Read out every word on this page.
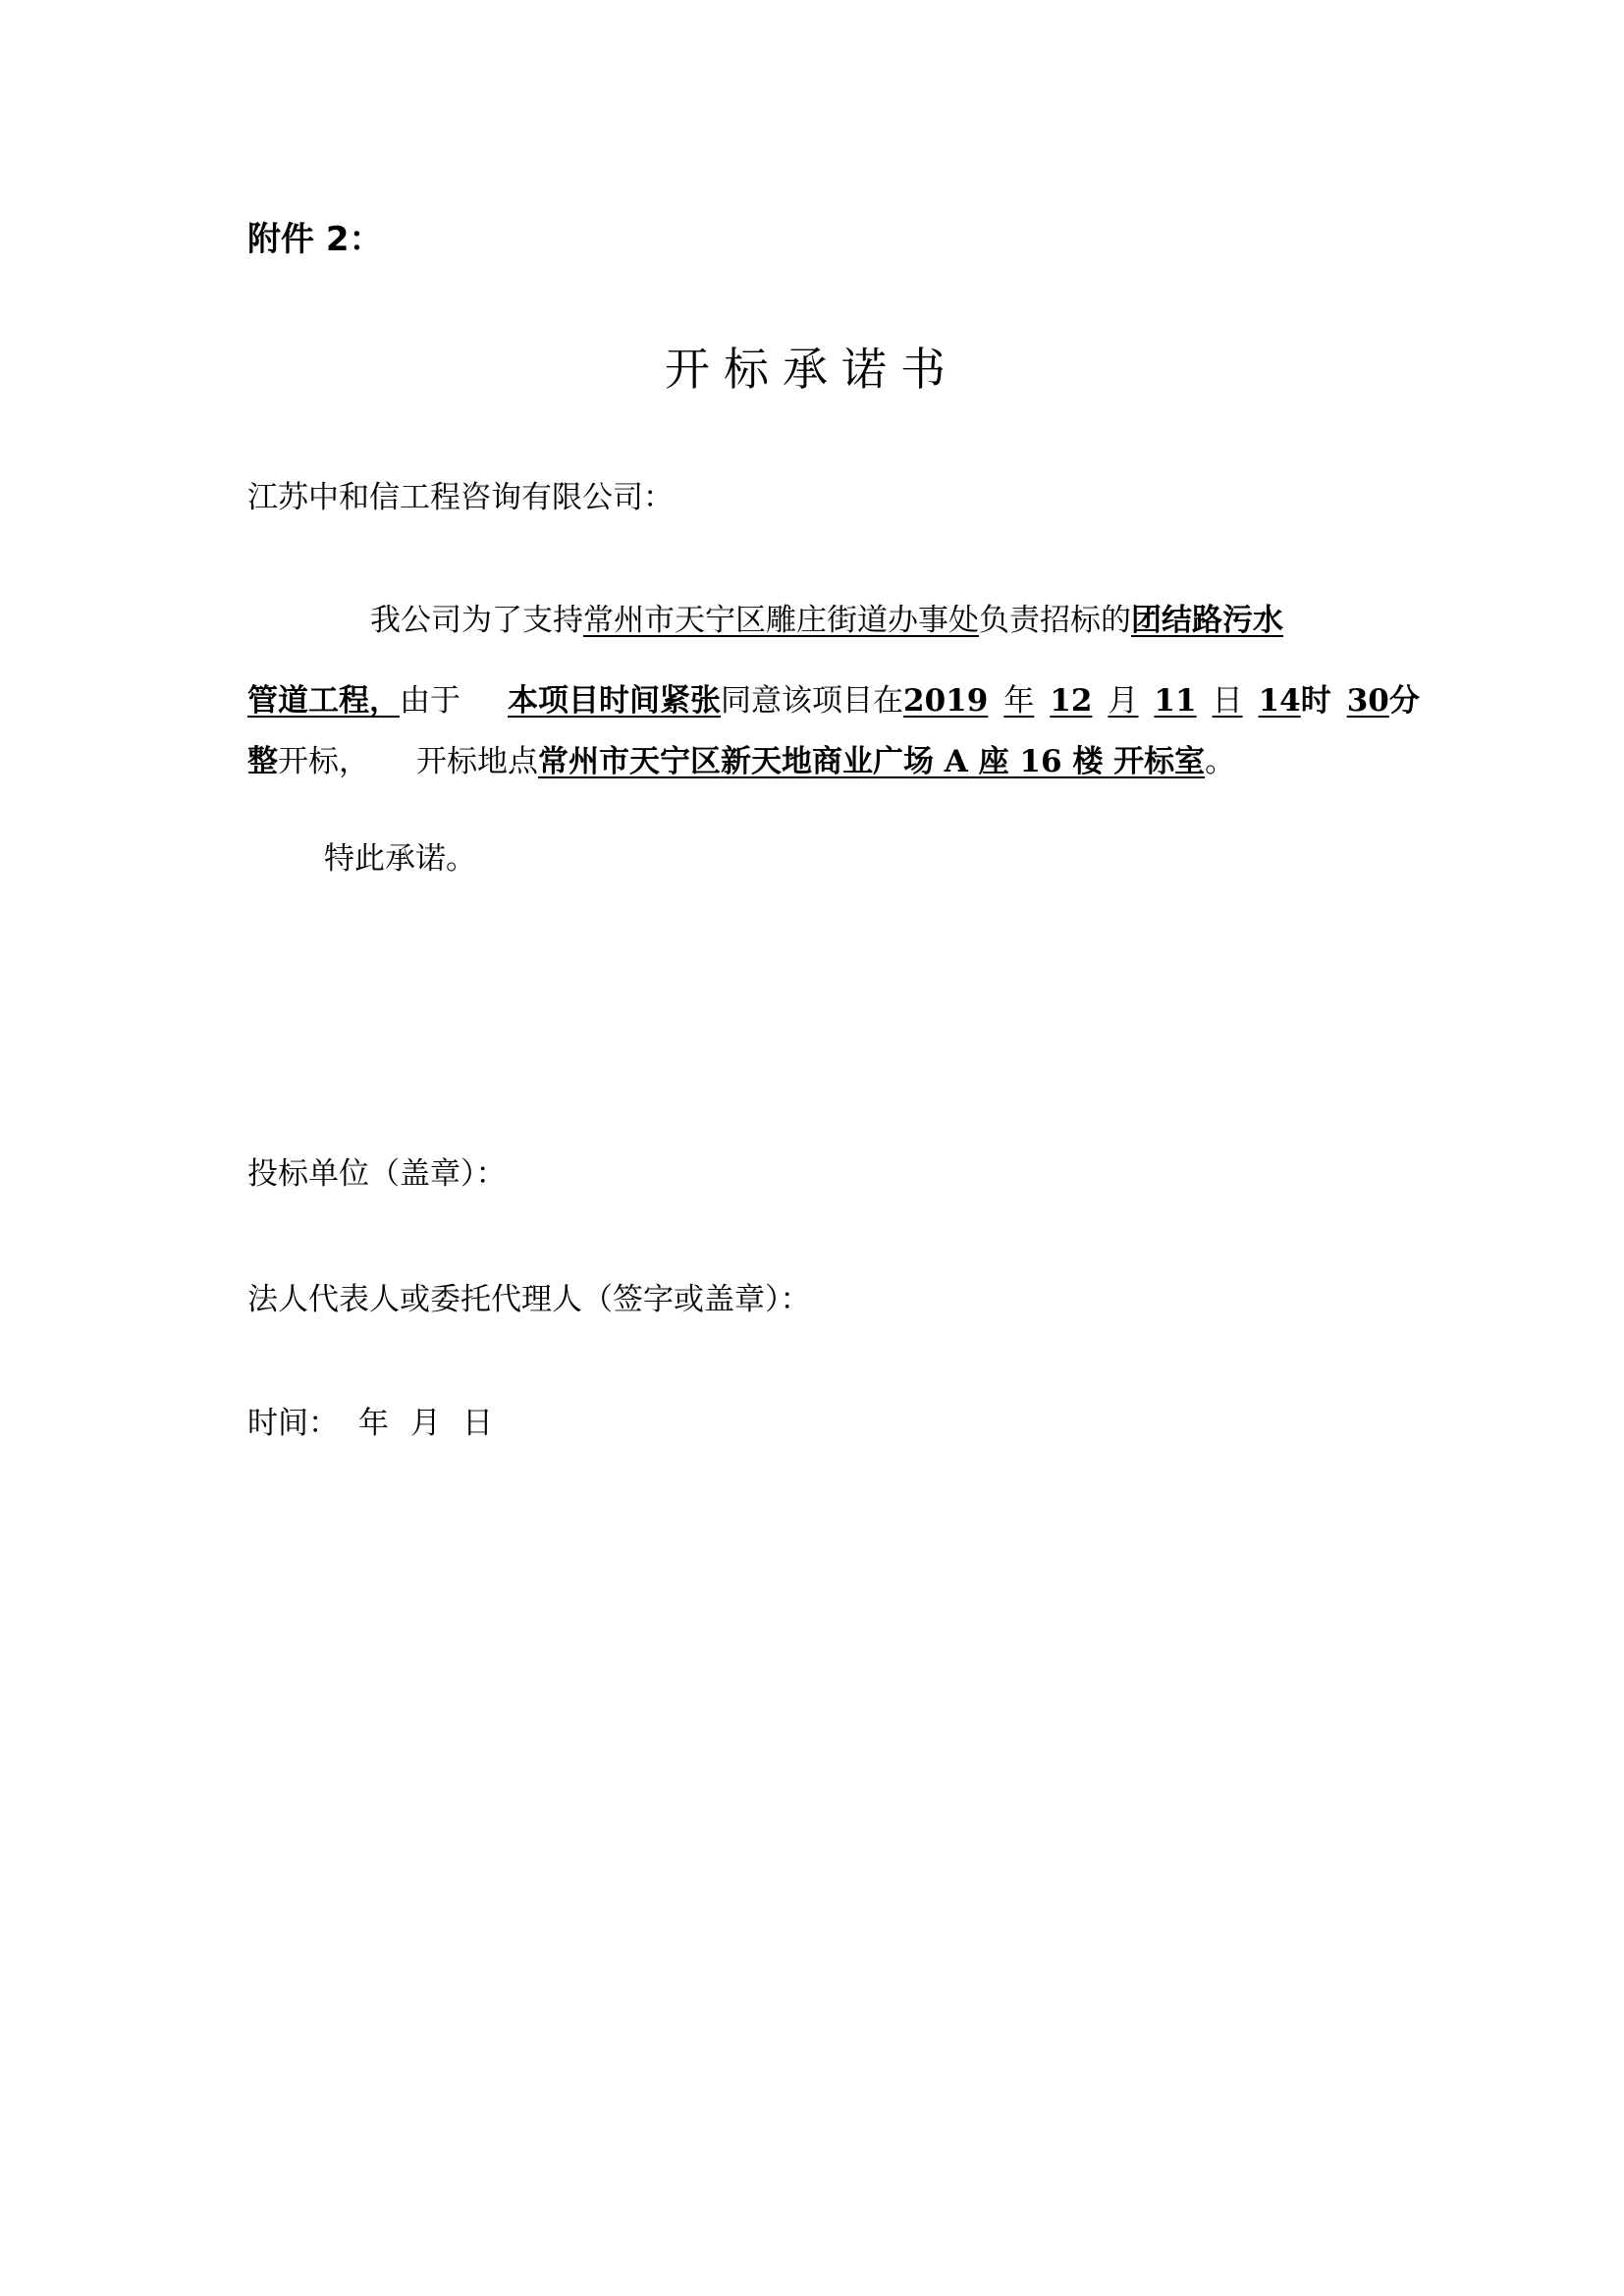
附件 2：
开标承诺书
江苏中和信工程咨询有限公司：
我公司为了支持常州市天宁区雕庄街道办事处负责招标的团结路污水
管道工程，由于 本项目时间紧张同意该项目在2019 年 12 月 11 日 14时 30分
整开标， 开标地点常州市天宁区新天地商业广场 A 座 16 楼 开标室。
特此承诺。
投标单位（盖章）：
法人代表人或委托代理人（签字或盖章）：
时间： 年 月 日
